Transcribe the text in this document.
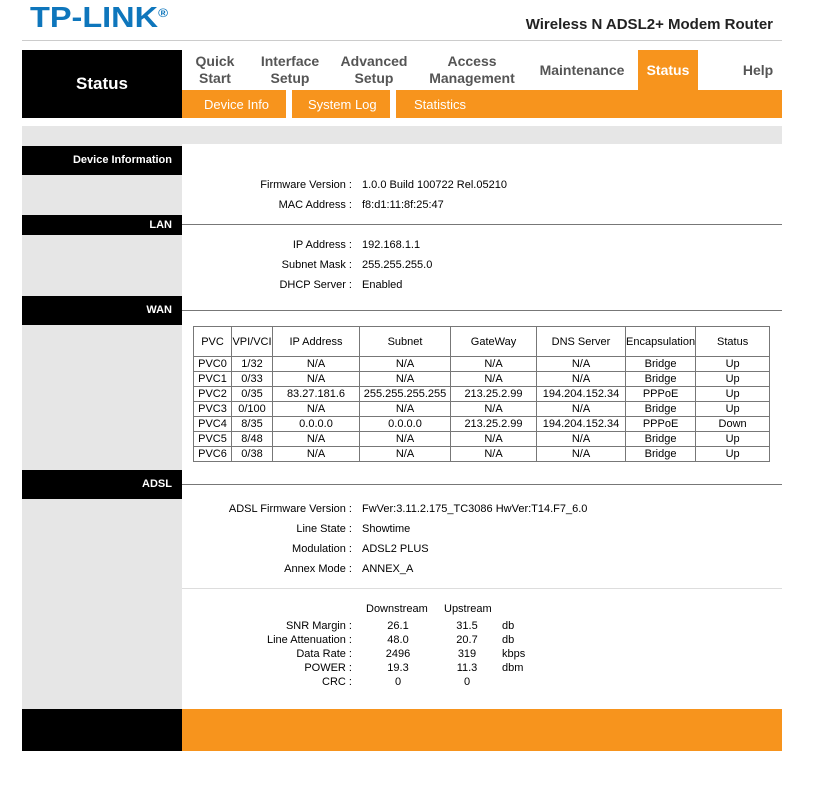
TP-LINK®
Wireless N ADSL2+ Modem Router
Status
Quick
Start
Interface
Setup
Advanced
Setup
Access
Management
Maintenance Status	Help
Device Info	System Log	Statistics
Device Information
Firmware Version : 1.0.0 Build 100722 Rel.05210
MAC Address : f8:d1:11:8f:25:47
LAN
IP Address : 192.168.1.1
Subnet Mask : 255.255.255.0
DHCP Server : Enabled
WAN
PVC	VPI/VCI	IP Address	Subnet	GateWay	DNS Server	Encapsulation	Status
PVC0	1/32	N/A	N/A	N/A	N/A	Bridge	Up
PVC1	0/33	N/A	N/A	N/A	N/A	Bridge	Up
PVC2	0/35	83.27.181.6	255.255.255.255	213.25.2.99	194.204.152.34	PPPoE	Up
PVC3	0/100	N/A	N/A	N/A	N/A	Bridge	Up
PVC4	8/35	0.0.0.0	0.0.0.0	213.25.2.99	194.204.152.34	PPPoE	Down
PVC5	8/48	N/A	N/A	N/A	N/A	Bridge	Up
PVC6	0/38	N/A	N/A	N/A	N/A	Bridge	Up
ADSL
ADSL Firmware Version : FwVer:3.11.2.175_TC3086 HwVer:T14.F7_6.0
Line State : Showtime
Modulation : ADSL2 PLUS
Annex Mode : ANNEX_A
Downstream Upstream
SNR Margin :	26.1	31.5	db
Line Attenuation :	48.0	20.7	db
Data Rate :	2496	319	kbps
POWER :	19.3	11.3	dbm
CRC :	0	0
